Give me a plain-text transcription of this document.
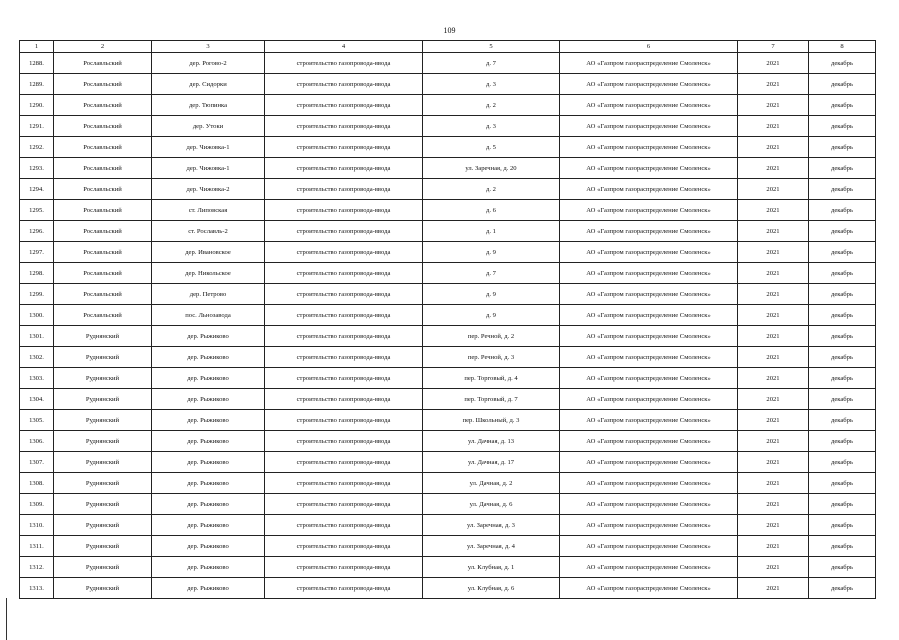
109
1	2	3	4	5	6	7	8
1288.	Рославльский	дер. Рогово-2	строительство газопровода-ввода	д. 7	АО «Газпром газораспределение Смоленск»	2021	декабрь
1289.	Рославльский	дер. Сидорки	строительство газопровода-ввода	д. 3	АО «Газпром газораспределение Смоленск»	2021	декабрь
1290.	Рославльский	дер. Тюпинка	строительство газопровода-ввода	д. 2	АО «Газпром газораспределение Смоленск»	2021	декабрь
1291.	Рославльский	дер. Утоки	строительство газопровода-ввода	д. 3	АО «Газпром газораспределение Смоленск»	2021	декабрь
1292.	Рославльский	дер. Чижовка-1	строительство газопровода-ввода	д. 5	АО «Газпром газораспределение Смоленск»	2021	декабрь
1293.	Рославльский	дер. Чижовка-1	строительство газопровода-ввода	ул. Заречная, д. 20	АО «Газпром газораспределение Смоленск»	2021	декабрь
1294.	Рославльский	дер. Чижовка-2	строительство газопровода-ввода	д. 2	АО «Газпром газораспределение Смоленск»	2021	декабрь
1295.	Рославльский	ст. Липовская	строительство газопровода-ввода	д. 6	АО «Газпром газораспределение Смоленск»	2021	декабрь
1296.	Рославльский	ст. Рославль-2	строительство газопровода-ввода	д. 1	АО «Газпром газораспределение Смоленск»	2021	декабрь
1297.	Рославльский	дер. Ивановское	строительство газопровода-ввода	д. 9	АО «Газпром газораспределение Смоленск»	2021	декабрь
1298.	Рославльский	дер. Никольское	строительство газопровода-ввода	д. 7	АО «Газпром газораспределение Смоленск»	2021	декабрь
1299.	Рославльский	дер. Петрово	строительство газопровода-ввода	д. 9	АО «Газпром газораспределение Смоленск»	2021	декабрь
1300.	Рославльский	пос. Льнозавода	строительство газопровода-ввода	д. 9	АО «Газпром газораспределение Смоленск»	2021	декабрь
1301.	Руднянский	дер. Рыжиково	строительство газопровода-ввода	пер. Речной, д. 2	АО «Газпром газораспределение Смоленск»	2021	декабрь
1302.	Руднянский	дер. Рыжиково	строительство газопровода-ввода	пер. Речной, д. 3	АО «Газпром газораспределение Смоленск»	2021	декабрь
1303.	Руднянский	дер. Рыжиково	строительство газопровода-ввода	пер. Торговый, д. 4	АО «Газпром газораспределение Смоленск»	2021	декабрь
1304.	Руднянский	дер. Рыжиково	строительство газопровода-ввода	пер. Торговый, д. 7	АО «Газпром газораспределение Смоленск»	2021	декабрь
1305.	Руднянский	дер. Рыжиково	строительство газопровода-ввода	пер. Школьный, д. 3	АО «Газпром газораспределение Смоленск»	2021	декабрь
1306.	Руднянский	дер. Рыжиково	строительство газопровода-ввода	ул. Дачная, д. 13	АО «Газпром газораспределение Смоленск»	2021	декабрь
1307.	Руднянский	дер. Рыжиково	строительство газопровода-ввода	ул. Дачная, д. 17	АО «Газпром газораспределение Смоленск»	2021	декабрь
1308.	Руднянский	дер. Рыжиково	строительство газопровода-ввода	ул. Дачная, д. 2	АО «Газпром газораспределение Смоленск»	2021	декабрь
1309.	Руднянский	дер. Рыжиково	строительство газопровода-ввода	ул. Дачная, д. 6	АО «Газпром газораспределение Смоленск»	2021	декабрь
1310.	Руднянский	дер. Рыжиково	строительство газопровода-ввода	ул. Заречная, д. 3	АО «Газпром газораспределение Смоленск»	2021	декабрь
1311.	Руднянский	дер. Рыжиково	строительство газопровода-ввода	ул. Заречная, д. 4	АО «Газпром газораспределение Смоленск»	2021	декабрь
1312.	Руднянский	дер. Рыжиково	строительство газопровода-ввода	ул. Клубная, д. 1	АО «Газпром газораспределение Смоленск»	2021	декабрь
1313.	Руднянский	дер. Рыжиково	строительство газопровода-ввода	ул. Клубная, д. 6	АО «Газпром газораспределение Смоленск»	2021	декабрь
